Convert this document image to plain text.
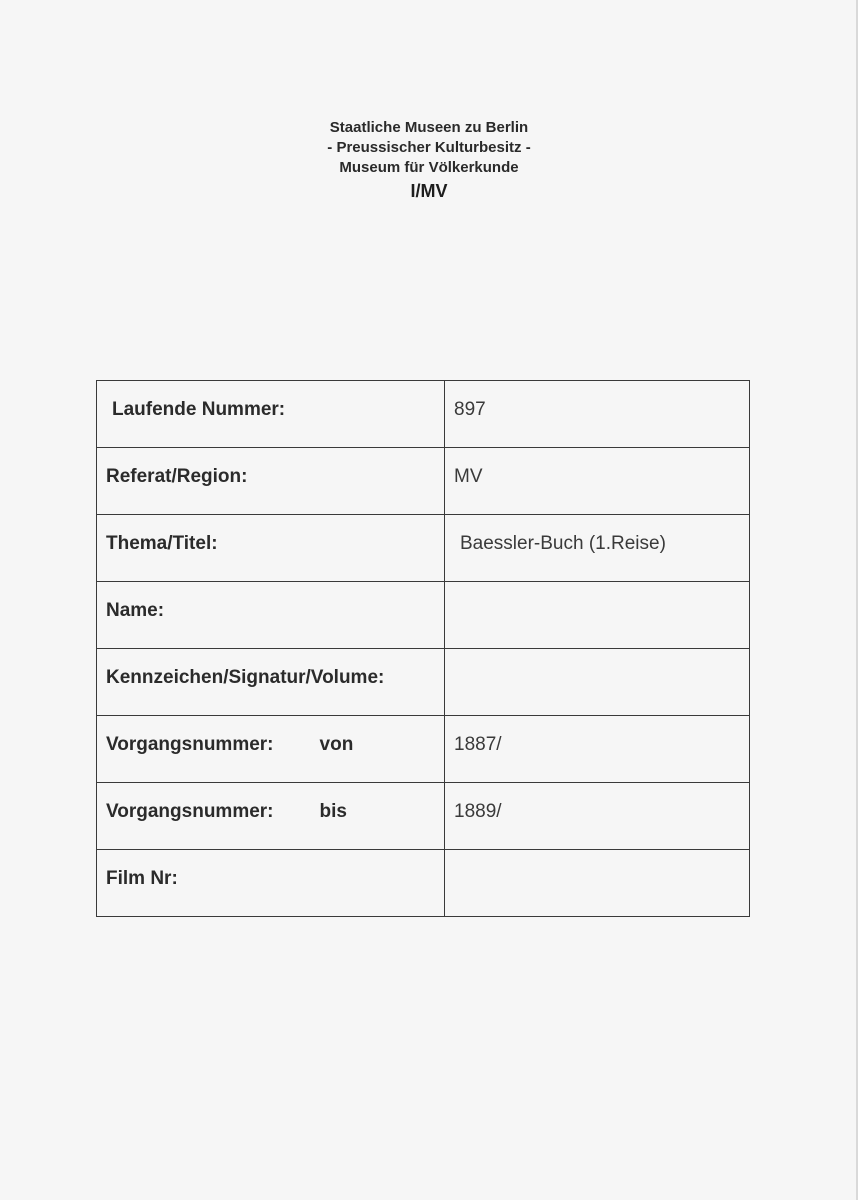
Staatliche Museen zu Berlin
- Preussischer Kulturbesitz -
Museum für Völkerkunde
I/MV
Laufende Nummer:	897

Referat/Region:	MV

Thema/Titel:	Baessler-Buch (1.Reise)

Name:	

Kennzeichen/Signatur/Volume:	

Vorgangsnummer: von	1887/

Vorgangsnummer: bis	1889/

Film Nr:	
